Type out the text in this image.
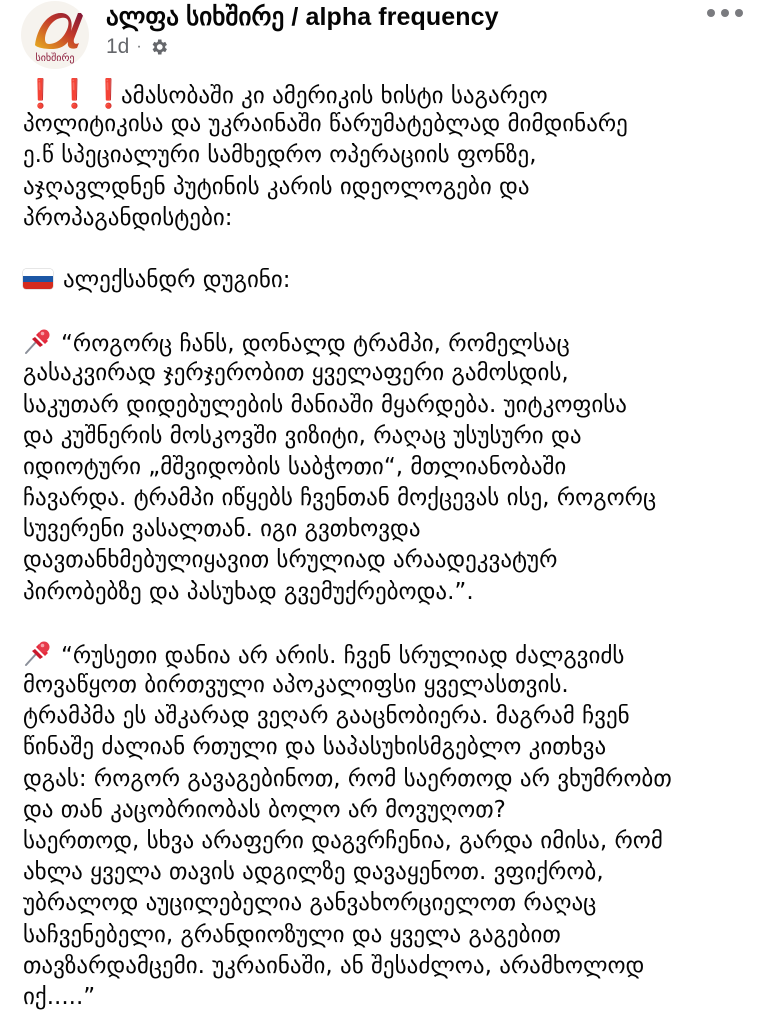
სიხშირე
ალფა სიხშირე / alpha frequency
1d ·
❗❗❗ამასობაში კი ამერიკის ხისტი საგარეო
პოლიტიკისა და უკრაინაში წარუმატებლად მიმდინარე
ე.წ სპეციალური სამხედრო ოპერაციის ფონზე,
აჯღავლდნენ პუტინის კარის იდეოლოგები და
პროპაგანდისტები:
ალექსანდრ დუგინი:
“როგორც ჩანს, დონალდ ტრამპი, რომელსაც
გასაკვირად ჯერჯერობით ყველაფერი გამოსდის,
საკუთარ დიდებულების მანიაში მყარდება. უიტკოფისა
და კუშნერის მოსკოვში ვიზიტი, რაღაც უსუსური და
იდიოტური „მშვიდობის საბჭოთი“, მთლიანობაში
ჩავარდა. ტრამპი იწყებს ჩვენთან მოქცევას ისე, როგორც
სუვერენი ვასალთან. იგი გვთხოვდა
დავთანხმებულიყავით სრულიად არაადეკვატურ
პირობებზე და პასუხად გვემუქრებოდა.”.
“რუსეთი დანია არ არის. ჩვენ სრულიად ძალგვიძს
მოვაწყოთ ბირთვული აპოკალიფსი ყველასთვის.
ტრამპმა ეს აშკარად ვეღარ გააცნობიერა. მაგრამ ჩვენ
წინაშე ძალიან რთული და საპასუხისმგებლო კითხვა
დგას: როგორ გავაგებინოთ, რომ საერთოდ არ ვხუმრობთ
და თან კაცობრიობას ბოლო არ მოვუღოთ?
საერთოდ, სხვა არაფერი დაგვრჩენია, გარდა იმისა, რომ
ახლა ყველა თავის ადგილზე დავაყენოთ. ვფიქრობ,
უბრალოდ აუცილებელია განვახორციელოთ რაღაც
საჩვენებელი, გრანდიოზული და ყველა გაგებით
თავზარდამცემი. უკრაინაში, ან შესაძლოა, არამხოლოდ
იქ.....”
